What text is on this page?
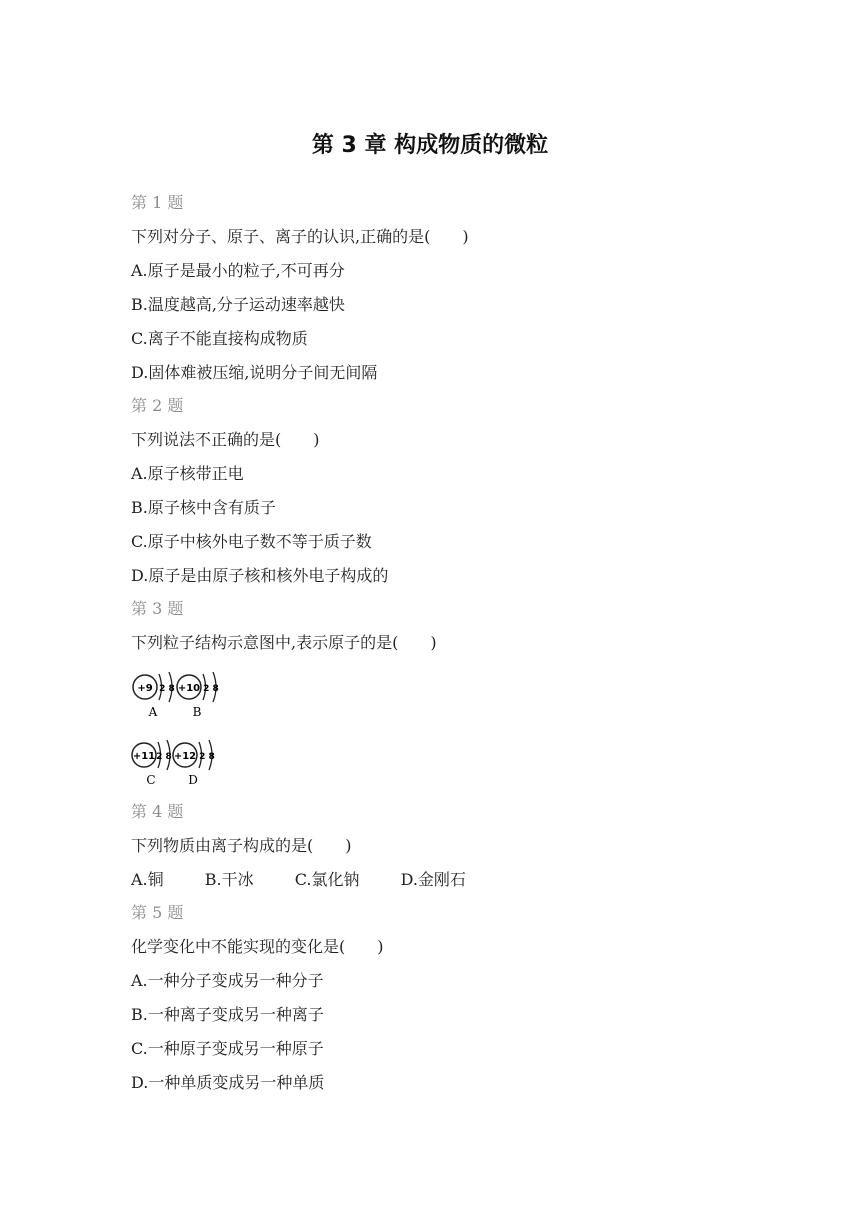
第 3 章 构成物质的微粒
第 1 题
下列对分子、原子、离子的认识,正确的是(　　)
A.原子是最小的粒子,不可再分
B.温度越高,分子运动速率越快
C.离子不能直接构成物质
D.固体难被压缩,说明分子间无间隔
第 2 题
下列说法不正确的是(　　)
A.原子核带正电
B.原子核中含有质子
C.原子中核外电子数不等于质子数
D.原子是由原子核和核外电子构成的
第 3 题
下列粒子结构示意图中,表示原子的是(　　)
+9 2 8
A
+10 2 8
B
+11 2 8
C
+12 2 8
D
第 4 题
下列物质由离子构成的是(　　)
A.铜	B.干冰	C.氯化钠	D.金刚石
第 5 题
化学变化中不能实现的变化是(　　)
A.一种分子变成另一种分子
B.一种离子变成另一种离子
C.一种原子变成另一种原子
D.一种单质变成另一种单质
